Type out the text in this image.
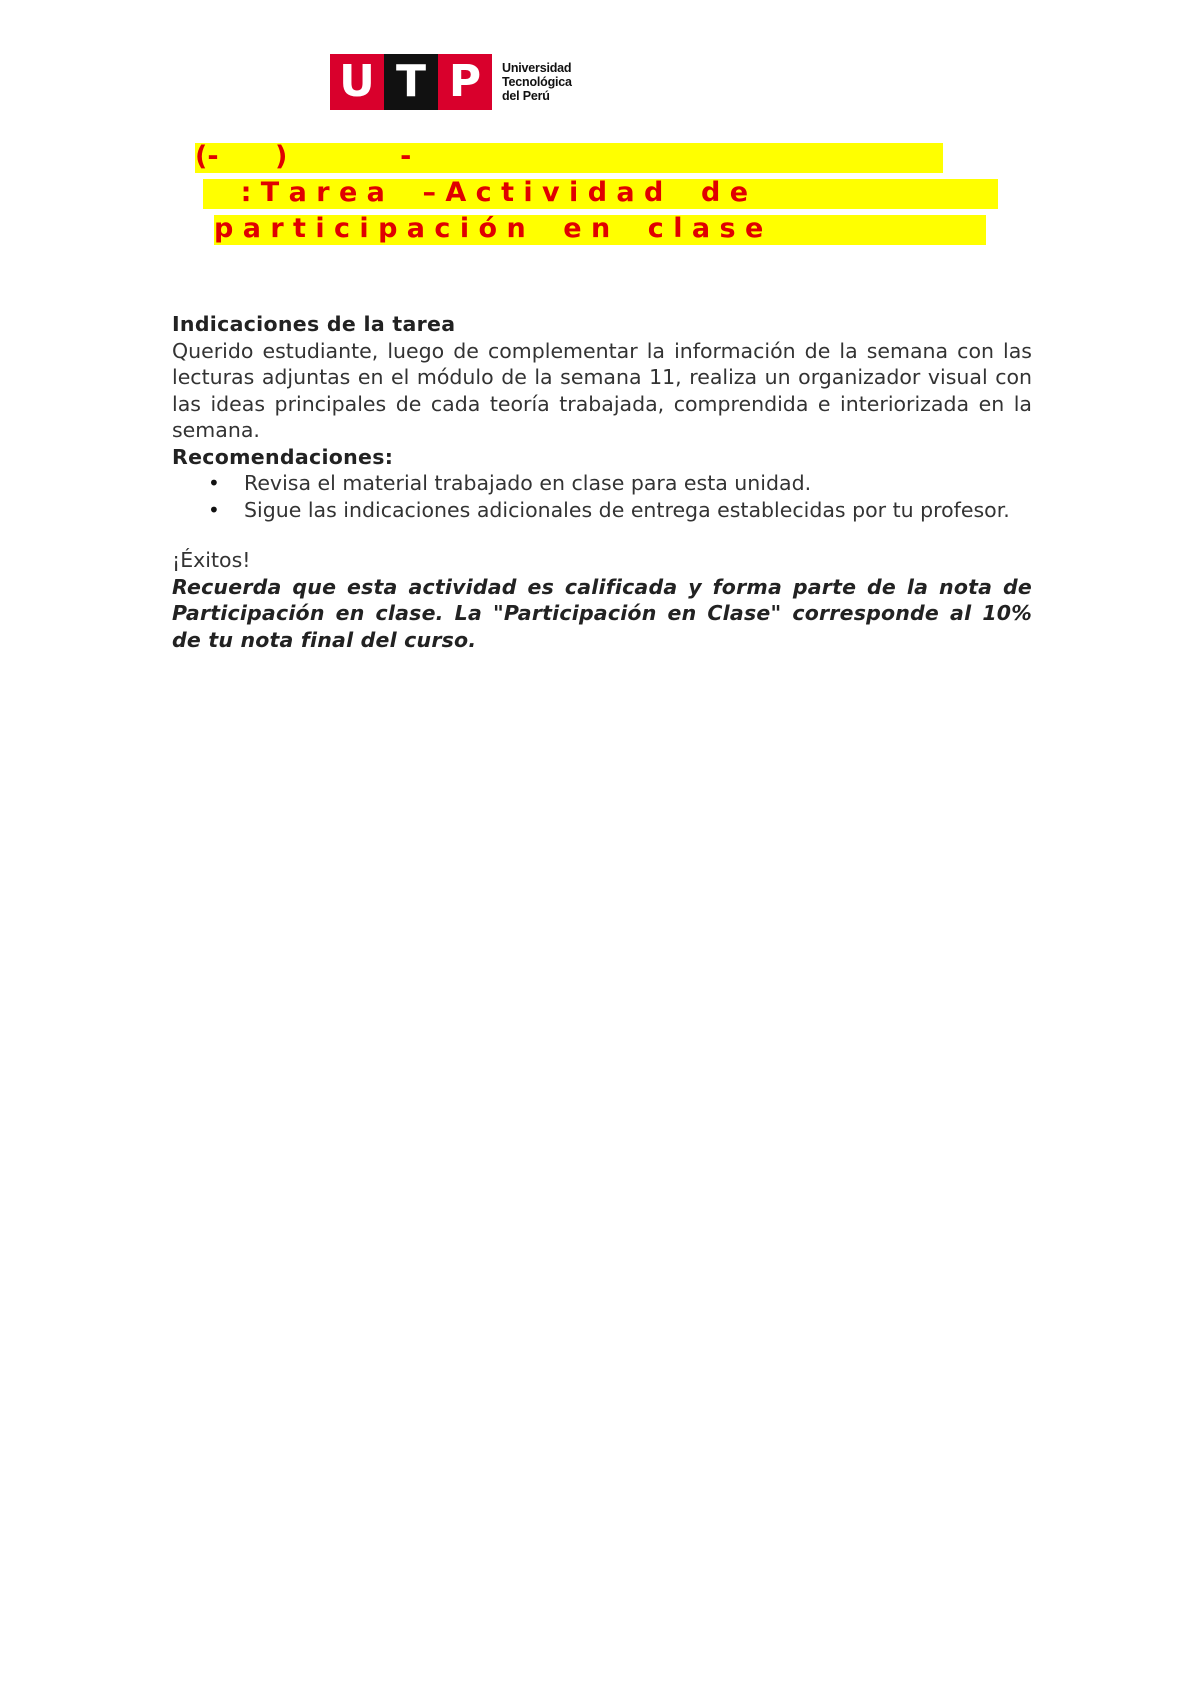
U T P	Universidad
Tecnológica
del Perú
(-      )            -
: T a r e a    – A c t i v i d a d    d e
p a r t i c i p a c i ó n    e n    c l a s e
Indicaciones de la tarea
Querido estudiante, luego de complementar la información de la semana con las lecturas adjuntas en el módulo de la semana 11, realiza un organizador visual con las ideas principales de cada teoría trabajada, comprendida e interiorizada en la semana.
Recomendaciones:
• Revisa el material trabajado en clase para esta unidad.
• Sigue las indicaciones adicionales de entrega establecidas por tu profesor.
¡Éxitos!
Recuerda que esta actividad es calificada y forma parte de la nota de Participación en clase. La "Participación en Clase" corresponde al 10% de tu nota final del curso.
